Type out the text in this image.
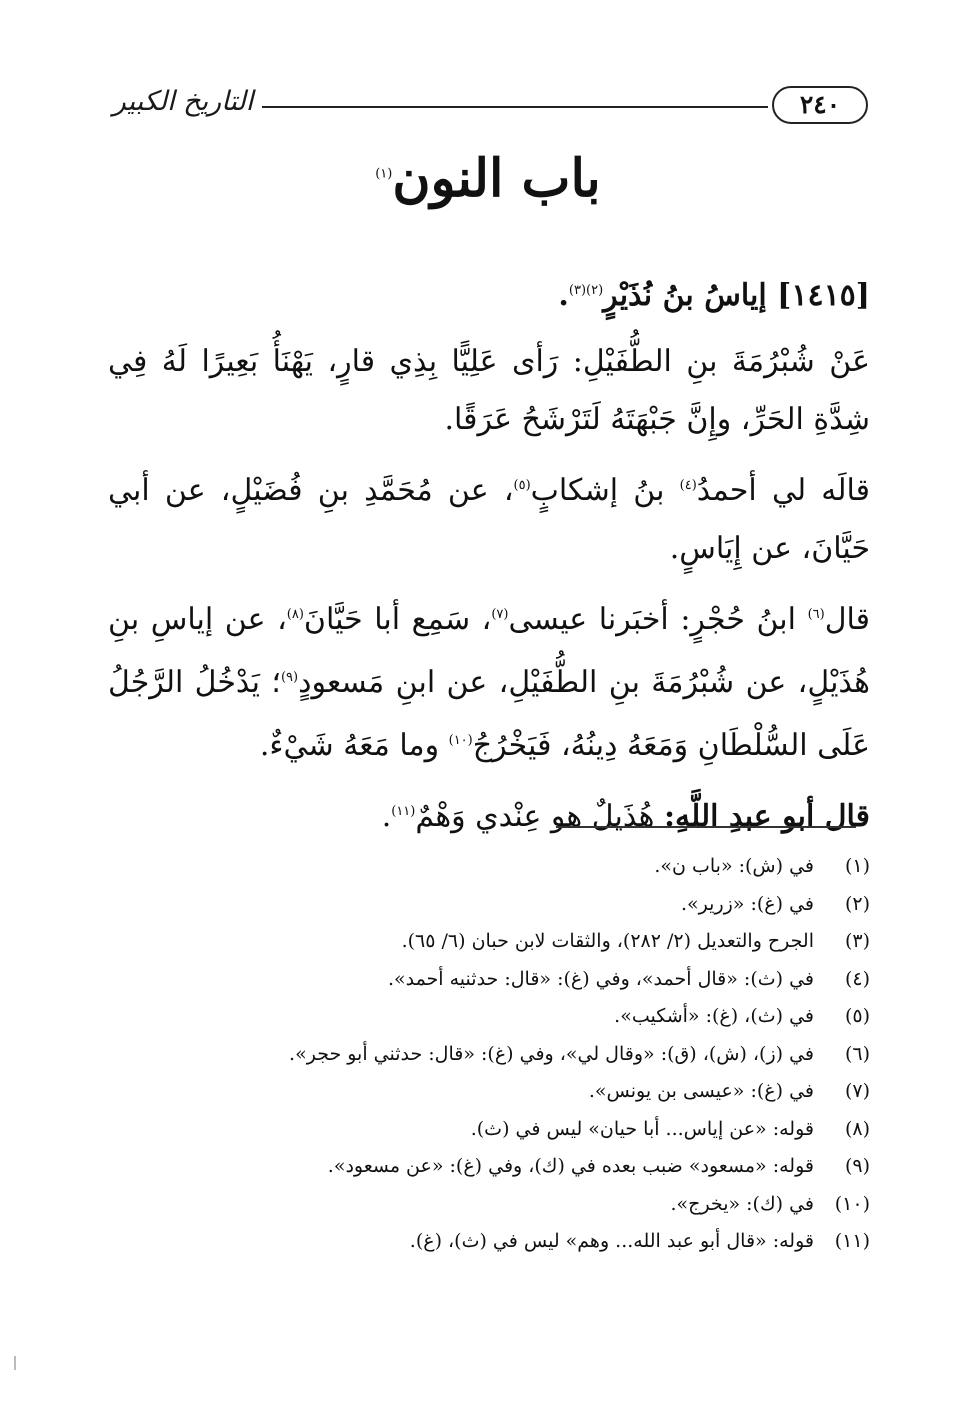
التاريخ الكبير	٢٤٠
باب النون$^{(١)}$

[١٤١٥] إياسُ بنُ نُذَيْرٍ$^{(٢)(٣)}$.

عَنْ شُبْرُمَةَ بنِ الطُّفَيْلِ: رَأى عَلِيًّا بِذِي قارٍ، يَهْنَأُ بَعِيرًا لَهُ فِي شِدَّةِ الحَرِّ، وإِنَّ جَبْهَتَهُ لَتَرْشَحُ عَرَقًا.

قالَه لي أحمدُ$^{(٤)}$ بنُ إشكابٍ$^{(٥)}$، عن مُحَمَّدِ بنِ فُضَيْلٍ، عن أبي حَيَّانَ، عن إِيَاسٍ.

قال$^{(٦)}$ ابنُ حُجْرٍ: أخبَرنا عيسى$^{(٧)}$، سَمِع أبا حَيَّانَ$^{(٨)}$، عن إياسِ بنِ هُذَيْلٍ، عن شُبْرُمَةَ بنِ الطُّفَيْلِ، عن ابنِ مَسعودٍ$^{(٩)}$؛ يَدْخُلُ الرَّجُلُ عَلَى السُّلْطَانِ وَمَعَهُ دِينُهُ، فَيَخْرُجُ$^{(١٠)}$ وما مَعَهُ شَيْءٌ.

قال أبو عبدِ اللَّهِ: هُذَيلٌ هو عِنْدي وَهْمٌ$^{(١١)}$.

(١)في (ش): «باب ن».
(٢)في (غ): «زرير».
(٣)الجرح والتعديل (٢/ ٢٨٢)، والثقات لابن حبان (٦/ ٦٥).
(٤)في (ث): «قال أحمد»، وفي (غ): «قال: حدثنيه أحمد».
(٥)في (ث)، (غ): «أشكيب».
(٦)في (ز)، (ش)، (ق): «وقال لي»، وفي (غ): «قال: حدثني أبو حجر».
(٧)في (غ): «عيسى بن يونس».
(٨)قوله: «عن إياس... أبا حيان» ليس في (ث).
(٩)قوله: «مسعود» ضبب بعده في (ك)، وفي (غ): «عن مسعود».
(١٠)في (ك): «يخرج».
(١١)قوله: «قال أبو عبد الله... وهم» ليس في (ث)، (غ).
